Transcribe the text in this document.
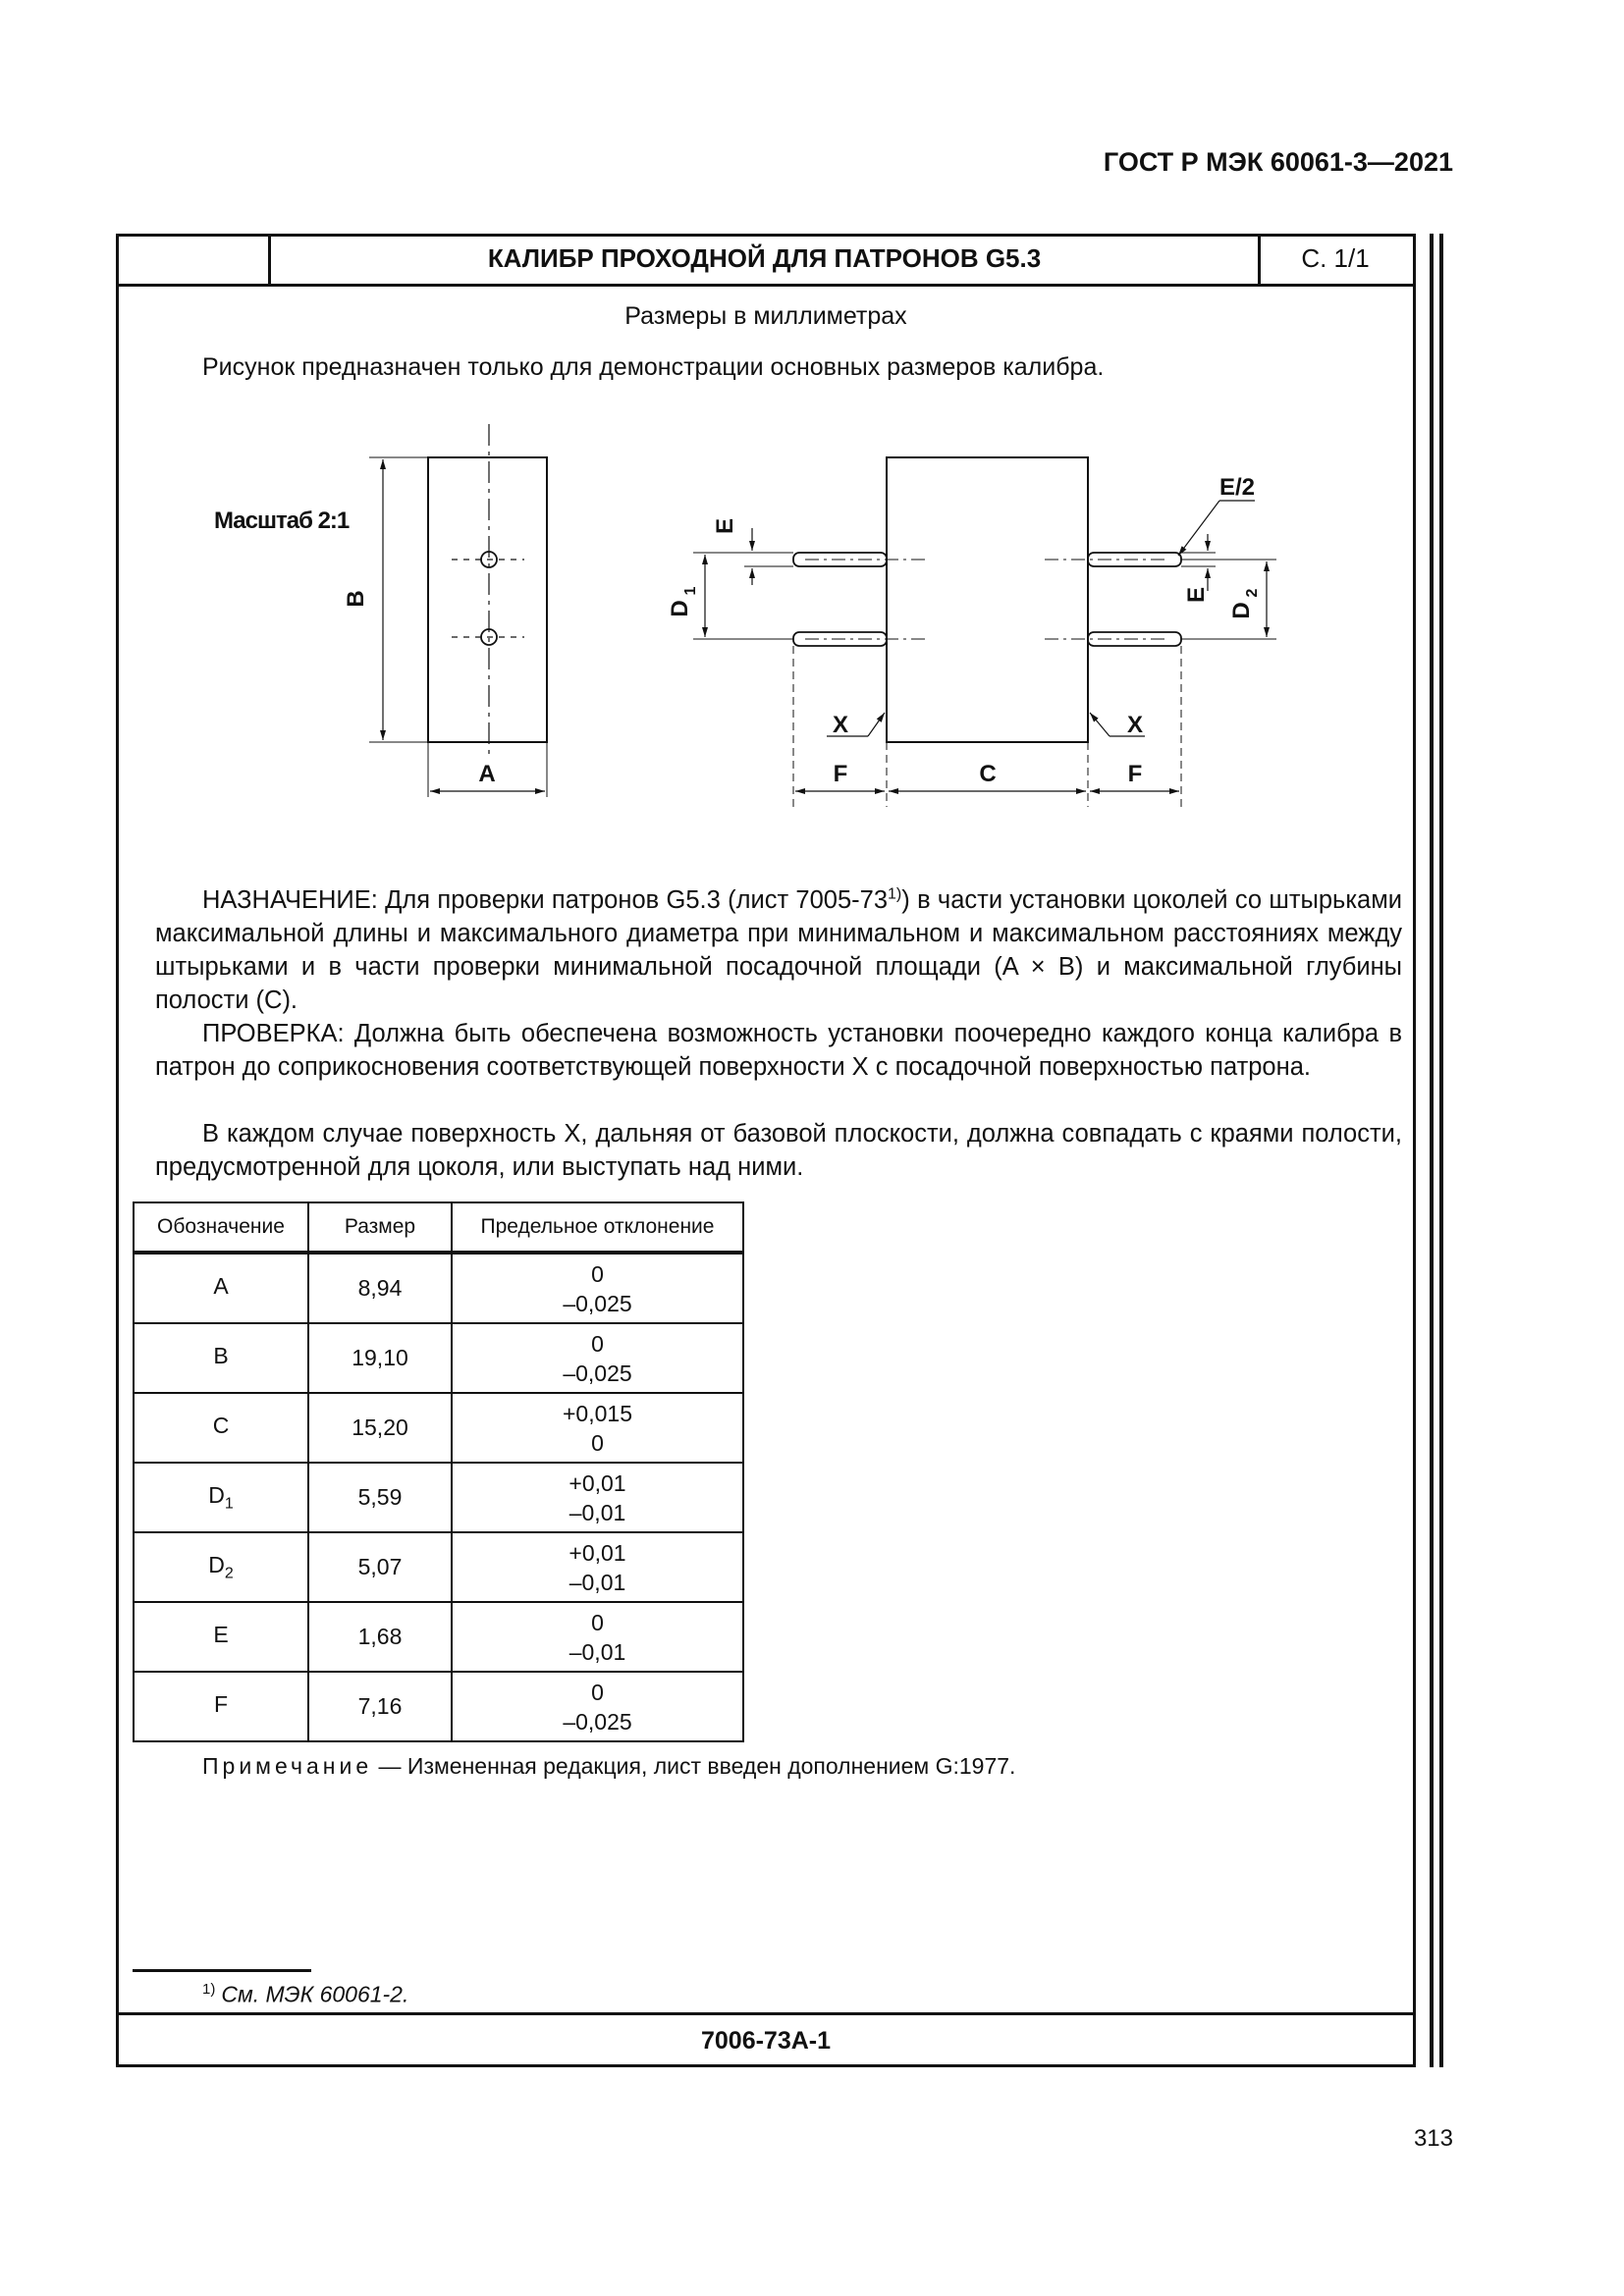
ГОСТ Р МЭК 60061-3—2021
КАЛИБР ПРОХОДНОЙ ДЛЯ ПАТРОНОВ G5.3	С. 1/1
Размеры в миллиметрах
Рисунок предназначен только для демонстрации основных размеров калибра.
Масштаб 2:1
B
A	C
F	F
X	X
E/2
E
E
D
1
D
2
НАЗНАЧЕНИЕ: Для проверки патронов G5.3 (лист 7005-73$^{1)}$) в части установки цоколей со штырьками максимальной длины и максимального диаметра при минимальном и максимальном расстояниях между штырьками и в части проверки минимальной посадочной площади (A × B) и максимальной глубины полости (C).
ПРОВЕРКА: Должна быть обеспечена возможность установки поочередно каждого конца калибра в патрон до соприкосновения соответствующей поверхности X с посадочной поверхностью патрона.
В каждом случае поверхность X, дальняя от базовой плоскости, должна совпадать с краями полости, предусмотренной для цоколя, или выступать над ними.
Обозначение	Размер	Предельное отклонение
A	8,94	0
–0,025

B	19,10	0
–0,025

C	15,20	+0,015
0

$D_1$	5,59	+0,01
–0,01

$D_2$	5,07	+0,01
–0,01

E	1,68	0
–0,01

F	7,16	0
–0,025
Примечание — Измененная редакция, лист введен дополнением G:1977.
$^{1)}$ См. МЭК 60061-2.
7006-73A-1
313
